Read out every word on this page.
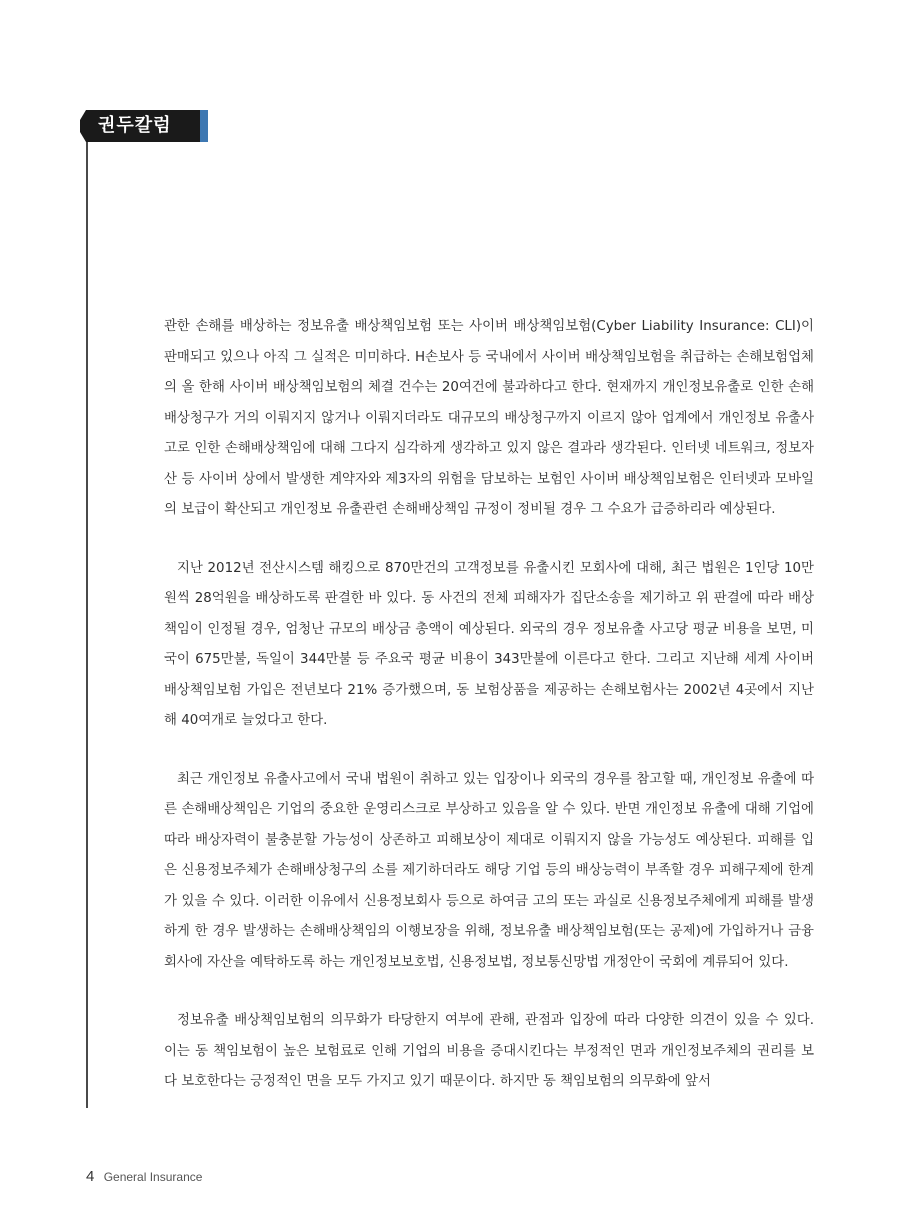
권두칼럼

관한 손해를 배상하는 정보유출 배상책임보험 또는 사이버 배상책임보험(Cyber Liability Insurance: CLI)이 판매되고 있으나 아직 그 실적은 미미하다. H손보사 등 국내에서 사이버 배상책임보험을 취급하는 손해보험업체의 올 한해 사이버 배상책임보험의 체결 건수는 20여건에 불과하다고 한다. 현재까지 개인정보유출로 인한 손해배상청구가 거의 이뤄지지 않거나 이뤄지더라도 대규모의 배상청구까지 이르지 않아 업계에서 개인정보 유출사고로 인한 손해배상책임에 대해 그다지 심각하게 생각하고 있지 않은 결과라 생각된다. 인터넷 네트워크, 정보자산 등 사이버 상에서 발생한 계약자와 제3자의 위험을 담보하는 보험인 사이버 배상책임보험은 인터넷과 모바일의 보급이 확산되고 개인정보 유출관련 손해배상책임 규정이 정비될 경우 그 수요가 급증하리라 예상된다.

지난 2012년 전산시스템 해킹으로 870만건의 고객정보를 유출시킨 모회사에 대해, 최근 법원은 1인당 10만원씩 28억원을 배상하도록 판결한 바 있다. 동 사건의 전체 피해자가 집단소송을 제기하고 위 판결에 따라 배상책임이 인정될 경우, 엄청난 규모의 배상금 총액이 예상된다. 외국의 경우 정보유출 사고당 평균 비용을 보면, 미국이 675만불, 독일이 344만불 등 주요국 평균 비용이 343만불에 이른다고 한다. 그리고 지난해 세계 사이버 배상책임보험 가입은 전년보다 21% 증가했으며, 동 보험상품을 제공하는 손해보험사는 2002년 4곳에서 지난해 40여개로 늘었다고 한다.

최근 개인정보 유출사고에서 국내 법원이 취하고 있는 입장이나 외국의 경우를 참고할 때, 개인정보 유출에 따른 손해배상책임은 기업의 중요한 운영리스크로 부상하고 있음을 알 수 있다. 반면 개인정보 유출에 대해 기업에 따라 배상자력이 불충분할 가능성이 상존하고 피해보상이 제대로 이뤄지지 않을 가능성도 예상된다. 피해를 입은 신용정보주체가 손해배상청구의 소를 제기하더라도 해당 기업 등의 배상능력이 부족할 경우 피해구제에 한계가 있을 수 있다. 이러한 이유에서 신용정보회사 등으로 하여금 고의 또는 과실로 신용정보주체에게 피해를 발생하게 한 경우 발생하는 손해배상책임의 이행보장을 위해, 정보유출 배상책임보험(또는 공제)에 가입하거나 금융회사에 자산을 예탁하도록 하는 개인정보보호법, 신용정보법, 정보통신망법 개정안이 국회에 계류되어 있다.

정보유출 배상책임보험의 의무화가 타당한지 여부에 관해, 관점과 입장에 따라 다양한 의견이 있을 수 있다. 이는 동 책임보험이 높은 보험료로 인해 기업의 비용을 증대시킨다는 부정적인 면과 개인정보주체의 권리를 보다 보호한다는 긍정적인 면을 모두 가지고 있기 때문이다. 하지만 동 책임보험의 의무화에 앞서

4 General Insurance
